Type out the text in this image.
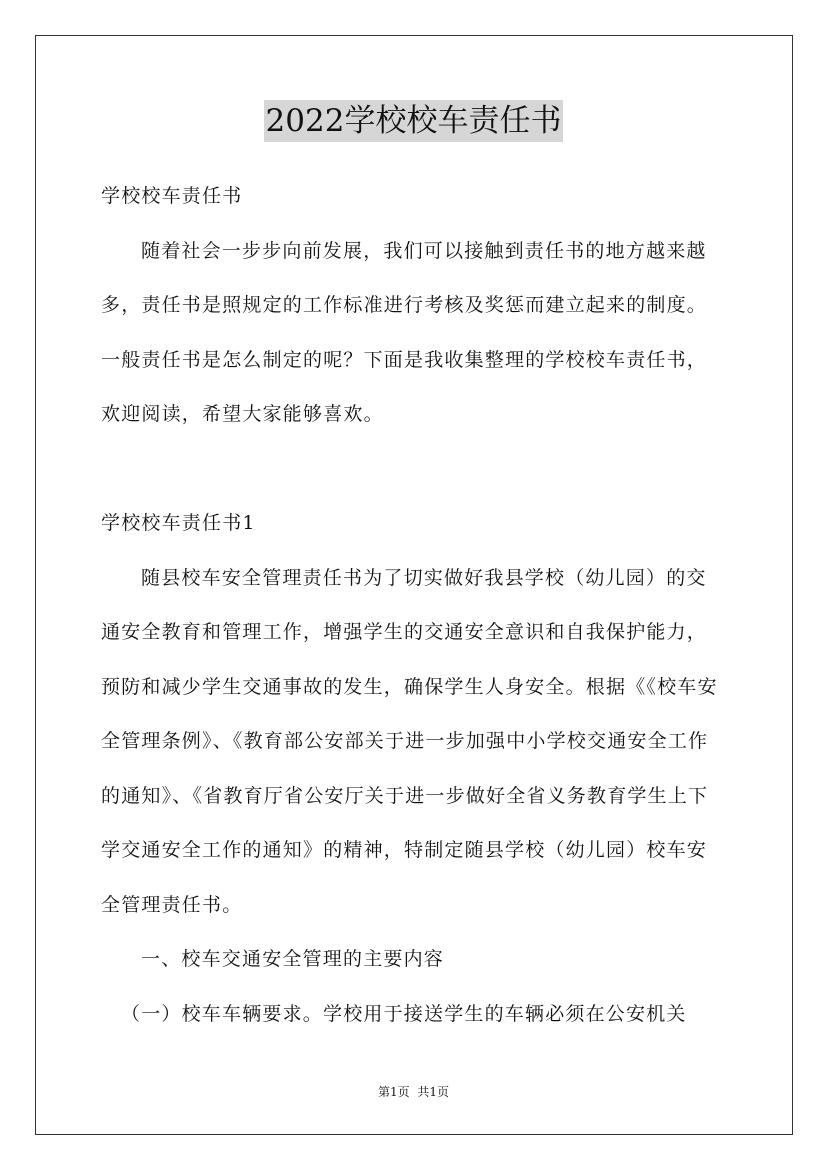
2022学校校车责任书
学校校车责任书
随着社会一步步向前发展，我们可以接触到责任书的地方越来越
多，责任书是照规定的工作标准进行考核及奖惩而建立起来的制度。
一般责任书是怎么制定的呢？下面是我收集整理的学校校车责任书，
欢迎阅读，希望大家能够喜欢。
学校校车责任书1
随县校车安全管理责任书为了切实做好我县学校（幼儿园）的交
通安全教育和管理工作，增强学生的交通安全意识和自我保护能力，
预防和减少学生交通事故的发生，确保学生人身安全。根据《《校车安
全管理条例》、《教育部公安部关于进一步加强中小学校交通安全工作
的通知》、《省教育厅省公安厅关于进一步做好全省义务教育学生上下
学交通安全工作的通知》的精神，特制定随县学校（幼儿园）校车安
全管理责任书。
一、校车交通安全管理的主要内容
（一）校车车辆要求。学校用于接送学生的车辆必须在公安机关
第1页 共1页
